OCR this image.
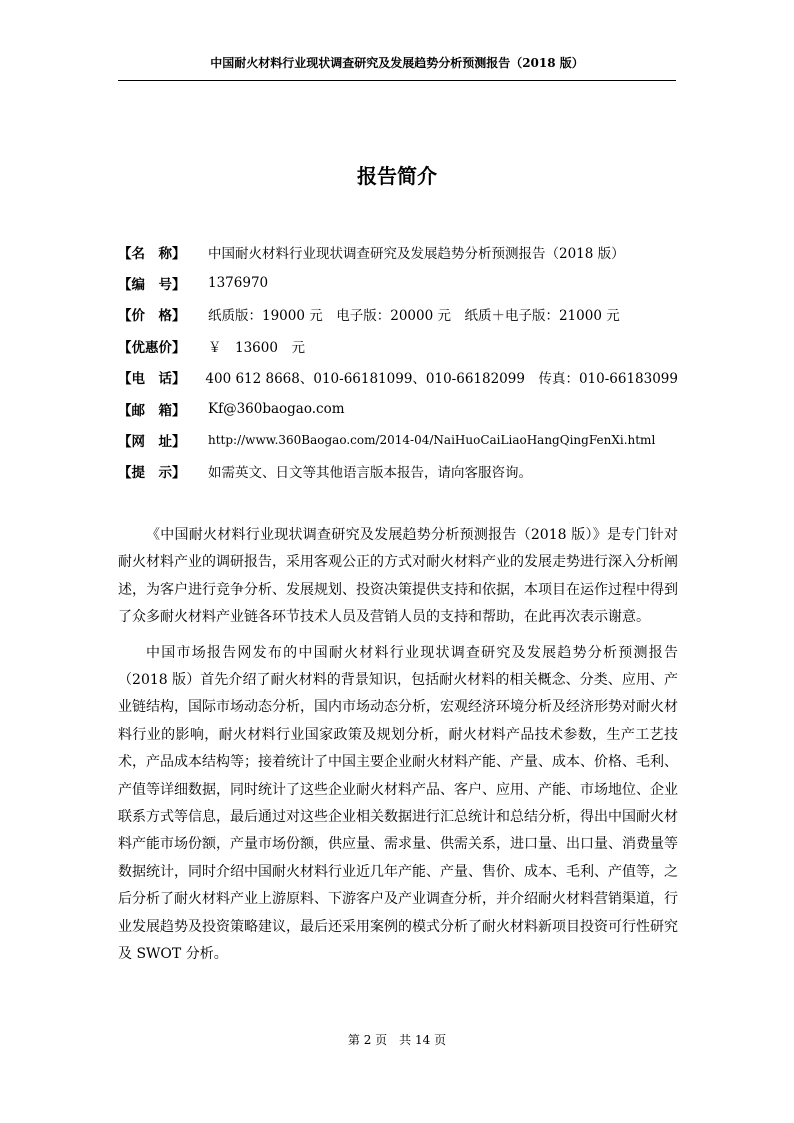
中国耐火材料行业现状调查研究及发展趋势分析预测报告（2018 版）
报告简介
【名　称】	中国耐火材料行业现状调查研究及发展趋势分析预测报告（2018 版）
【编　号】	1376970
【价　格】	纸质版：19000 元　电子版：20000 元　纸质＋电子版：21000 元
【优惠价】	￥　13600　元
【电　话】	400 612 8668、010-66181099、010-66182099　传真：010-66183099
【邮　箱】	Kf@360baogao.com
【网　址】	http://www.360Baogao.com/2014-04/NaiHuoCaiLiaoHangQingFenXi.html
【提　示】	如需英文、日文等其他语言版本报告，请向客服咨询。

《中国耐火材料行业现状调查研究及发展趋势分析预测报告（2018 版）》是专门针对耐火材料产业的调研报告，采用客观公正的方式对耐火材料产业的发展走势进行深入分析阐述，为客户进行竞争分析、发展规划、投资决策提供支持和依据，本项目在运作过程中得到了众多耐火材料产业链各环节技术人员及营销人员的支持和帮助，在此再次表示谢意。

中国市场报告网发布的中国耐火材料行业现状调查研究及发展趋势分析预测报告（2018 版）首先介绍了耐火材料的背景知识，包括耐火材料的相关概念、分类、应用、产业链结构，国际市场动态分析，国内市场动态分析，宏观经济环境分析及经济形势对耐火材料行业的影响，耐火材料行业国家政策及规划分析，耐火材料产品技术参数，生产工艺技术，产品成本结构等；接着统计了中国主要企业耐火材料产能、产量、成本、价格、毛利、产值等详细数据，同时统计了这些企业耐火材料产品、客户、应用、产能、市场地位、企业联系方式等信息，最后通过对这些企业相关数据进行汇总统计和总结分析，得出中国耐火材料产能市场份额，产量市场份额，供应量、需求量、供需关系，进口量、出口量、消费量等数据统计，同时介绍中国耐火材料行业近几年产能、产量、售价、成本、毛利、产值等，之后分析了耐火材料产业上游原料、下游客户及产业调查分析，并介绍耐火材料营销渠道，行业发展趋势及投资策略建议，最后还采用案例的模式分析了耐火材料新项目投资可行性研究及 SWOT 分析。

第 2 页　共 14 页
